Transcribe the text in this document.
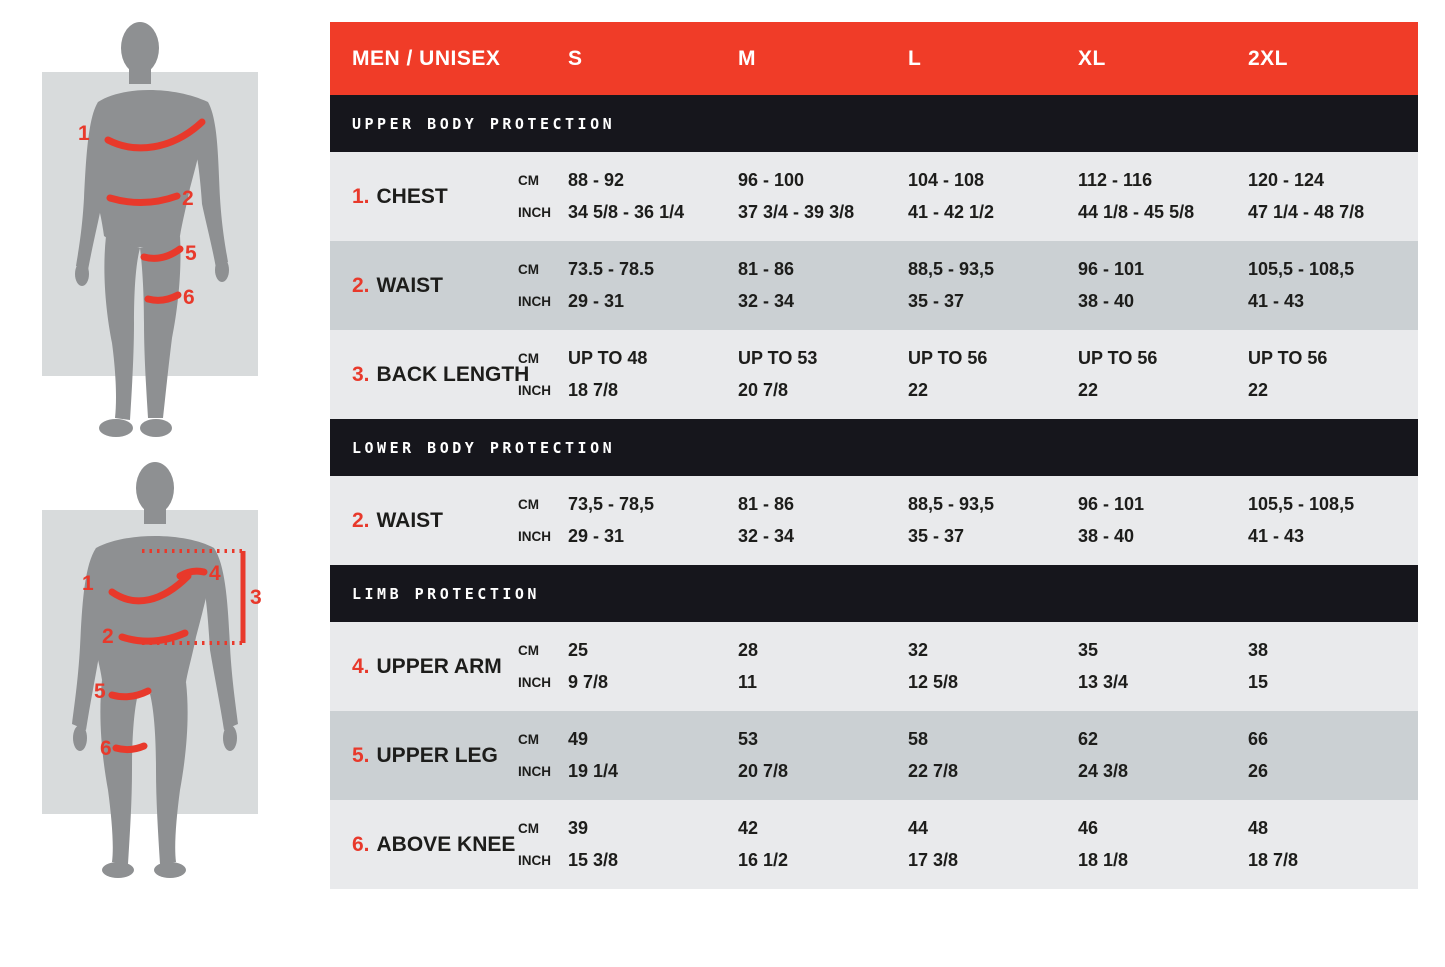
1
2
5
6
3
4
1
2
5
6
MEN / UNISEX	S	M	L	XL	2XL
UPPER BODY PROTECTION
1. CHEST
CM	88 - 92	96 - 100	104 - 108	112 - 116	120 - 124
INCH 34 5/8 - 36 1/4	37 3/4 - 39 3/8	41 - 42 1/2	44 1/8 - 45 5/8	47 1/4 - 48 7/8
2. WAIST
CM	73.5 - 78.5	81 - 86	88,5 - 93,5	96 - 101	105,5 - 108,5
INCH 29 - 31	32 - 34	35 - 37	38 - 40	41 - 43
3. BACK LENGTH
CM	UP TO 48	UP TO 53	UP TO 56	UP TO 56	UP TO 56
INCH 18 7/8	20 7/8	22	22	22
LOWER BODY PROTECTION
2. WAIST
CM	73,5 - 78,5	81 - 86	88,5 - 93,5	96 - 101	105,5 - 108,5
INCH 29 - 31	32 - 34	35 - 37	38 - 40	41 - 43
LIMB PROTECTION
4. UPPER ARM
CM	25	28	32	35	38
INCH 9 7/8	11	12 5/8	13 3/4	15
5. UPPER LEG
CM	49	53	58	62	66
INCH 19 1/4	20 7/8	22 7/8	24 3/8	26
6. ABOVE KNEE
CM	39	42	44	46	48
INCH 15 3/8	16 1/2	17 3/8	18 1/8	18 7/8
